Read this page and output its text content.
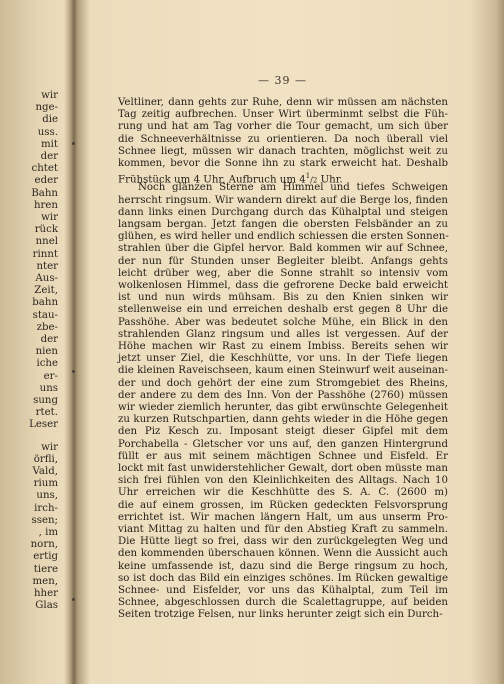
wir
nge-
die
uss.
mit
der
chtet
eder
Bahn
hren
wir
rück
nnel
rinnt
nter
Aus-
Zeit,
bahn
stau-
zbe-
der
nien
iche
er-
uns
sung
rtet.
Leser
wir
örfli,
Vald,
rium
uns,
irch-
ssen;
, im
norn,
ertig
tiere
men,
hher
Glas
— 39 —
Veltliner, dann gehts zur Ruhe, denn wir müssen am nächsten
Tag zeitig aufbrechen. Unser Wirt überminmt selbst die Füh-
rung und hat am Tag vorher die Tour gemacht, um sich über
die Schneeverhältnisse zu orientieren. Da noch überall viel
Schnee liegt, müssen wir danach trachten, möglichst weit zu
kommen, bevor die Sonne ihn zu stark erweicht hat. Deshalb
Frühstück um 4 Uhr, Aufbruch um $4^1/2$ Uhr.
Noch glänzen Sterne am Himmel und tiefes Schweigen
herrscht ringsum. Wir wandern direkt auf die Berge los, finden
dann links einen Durchgang durch das Kühalptal und steigen
langsam bergan. Jetzt fangen die obersten Felsbänder an zu
glühen, es wird heller und endlich schiessen die ersten Sonnen-
strahlen über die Gipfel hervor. Bald kommen wir auf Schnee,
der nun für Stunden unser Begleiter bleibt. Anfangs gehts
leicht drüber weg, aber die Sonne strahlt so intensiv vom
wolkenlosen Himmel, dass die gefrorene Decke bald erweicht
ist und nun wirds mühsam. Bis zu den Knien sinken wir
stellenweise ein und erreichen deshalb erst gegen 8 Uhr die
Passhöhe. Aber was bedeutet solche Mühe, ein Blick in den
strahlenden Glanz ringsum und alles ist vergessen. Auf der
Höhe machen wir Rast zu einem Imbiss. Bereits sehen wir
jetzt unser Ziel, die Keschhütte, vor uns. In der Tiefe liegen
die kleinen Raveischseen, kaum einen Steinwurf weit auseinan-
der und doch gehört der eine zum Stromgebiet des Rheins,
der andere zu dem des Inn. Von der Passhöhe (2760) müssen
wir wieder ziemlich herunter, das gibt erwünschte Gelegenheit
zu kurzen Rutschpartien, dann gehts wieder in die Höhe gegen
den Piz Kesch zu. Imposant steigt dieser Gipfel mit dem
Porchabella - Gletscher vor uns auf, den ganzen Hintergrund
füllt er aus mit seinem mächtigen Schnee und Eisfeld. Er
lockt mit fast unwiderstehlicher Gewalt, dort oben müsste man
sich frei fühlen von den Kleinlichkeiten des Alltags. Nach 10
Uhr erreichen wir die Keschhütte des S. A. C. (2600 m)
die auf einem grossen, im Rücken gedeckten Felsvorsprung
errichtet ist. Wir machen längern Halt, um aus unserm Pro-
viant Mittag zu halten und für den Abstieg Kraft zu sammeln.
Die Hütte liegt so frei, dass wir den zurückgelegten Weg und
den kommenden überschauen können. Wenn die Aussicht auch
keine umfassende ist, dazu sind die Berge ringsum zu hoch,
so ist doch das Bild ein einziges schönes. Im Rücken gewaltige
Schnee- und Eisfelder, vor uns das Kühalptal, zum Teil im
Schnee, abgeschlossen durch die Scalettagruppe, auf beiden
Seiten trotzige Felsen, nur links herunter zeigt sich ein Durch-
